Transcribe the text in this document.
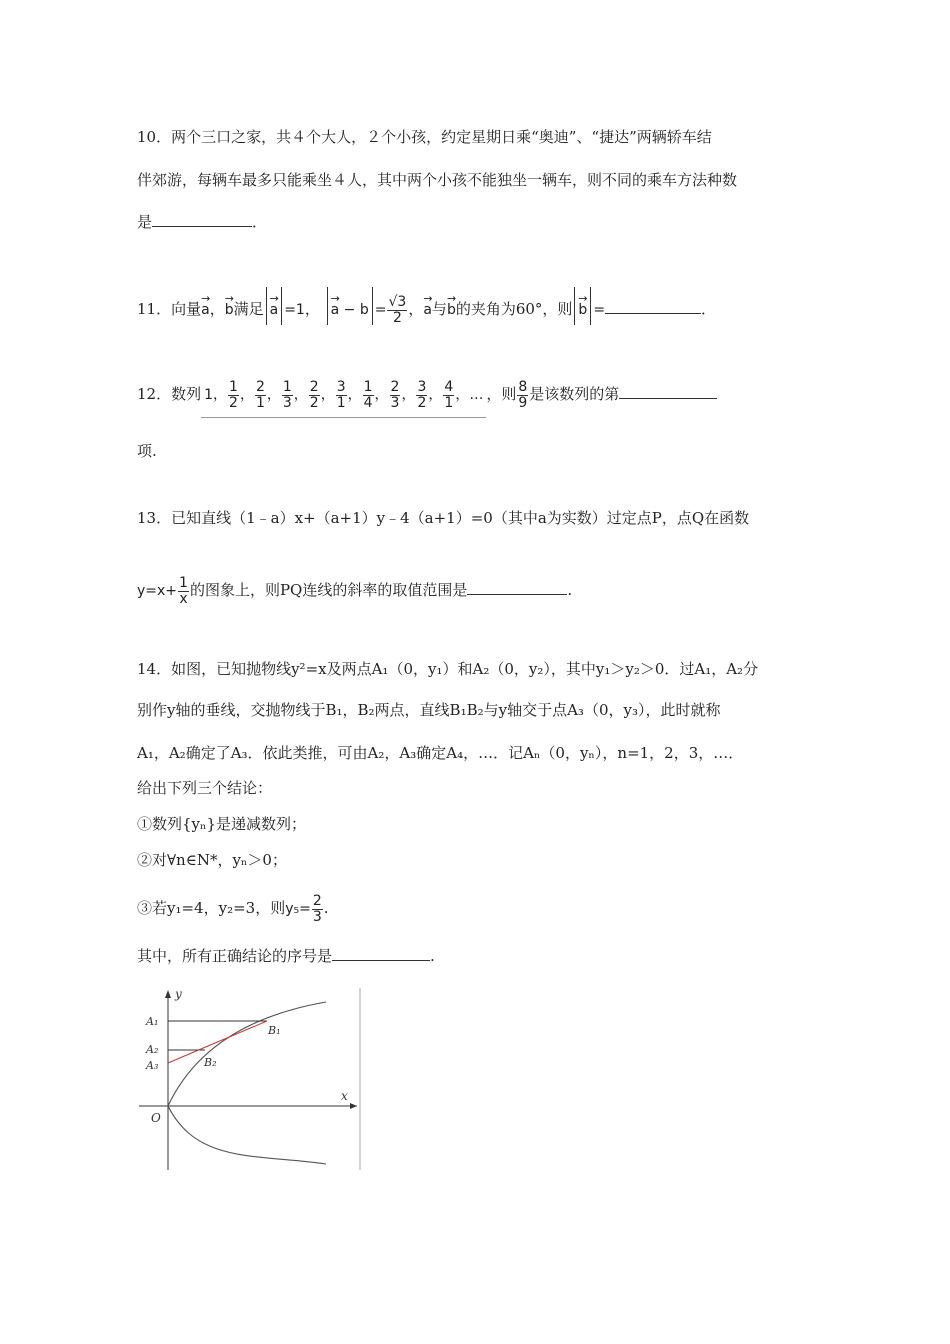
10．两个三口之家，共４个大人，２个小孩，约定星期日乘“奥迪”、“捷达”两辆轿车结
伴郊游，每辆车最多只能乘坐４人，其中两个小孩不能独坐一辆车，则不同的乘车方法种数
是	．
11．向量→ a，→ b满足 → a =1， → $a - b = \frac{√3}{2}$ ，→ a与→ b的夹角为60°，则 → b =	．
12．数列 1， $\frac{1}{2}$ ， $\frac{2}{1}$ ， $\frac{1}{3}$ ， $\frac{2}{2}$ ， $\frac{3}{1}$ ， $\frac{1}{4}$ ， $\frac{2}{3}$ ， $\frac{3}{2}$ ， $\frac{4}{1}$ ，… ，则 $\frac{8}{9}$ 是该数列的第
项.
13．已知直线（1﹣a）x+（a+1）y﹣4（a+1）=0（其中a为实数）过定点P，点Q在函数
$y=x+ \frac{1}{x}$ 的图象上，则PQ连线的斜率的取值范围是	.
14．如图，已知抛物线y²=x及两点A₁（0，y₁）和A₂（0，y₂），其中y₁＞y₂＞0．过A₁，A₂分
别作y轴的垂线，交抛物线于B₁，B₂两点，直线B₁B₂与y轴交于点A₃（0，y₃），此时就称
A₁，A₂确定了A₃．依此类推，可由A₂，A₃确定A₄，…．记Aₙ（0，yₙ），n=1，2，3，…．
给出下列三个结论：
①数列{yₙ}是递减数列；
②对∀n∈N*，yₙ＞0；
③若y₁=4，y₂=3，则$y_5= \frac{2}{3}$ .
其中，所有正确结论的序号是	.
y
x
O
A₁
A₂
A₃
B₁
B₂
